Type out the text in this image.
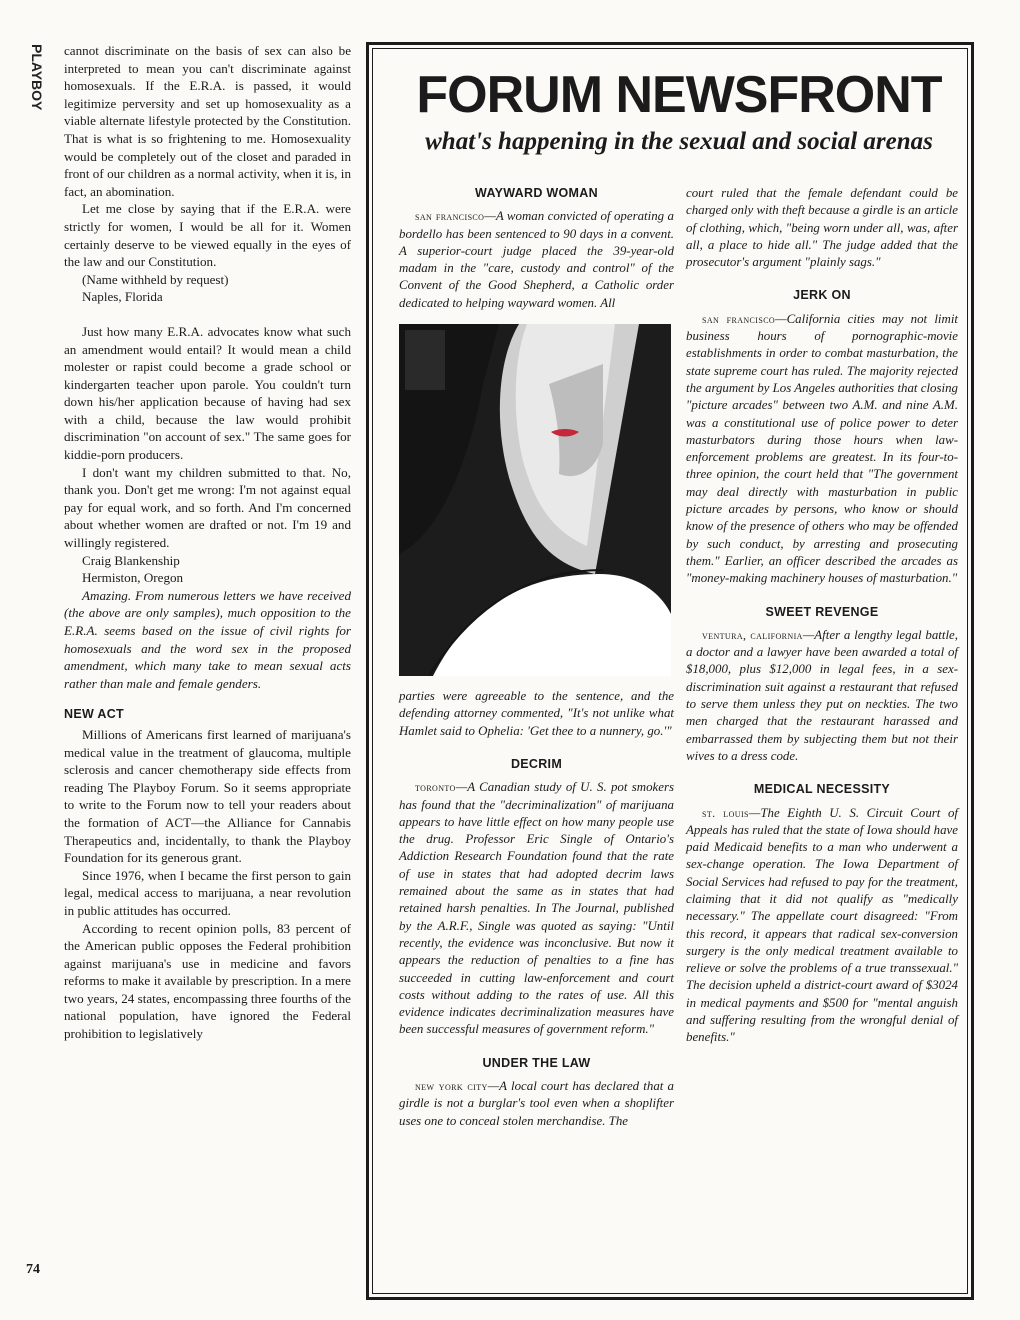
PLAYBOY
74

cannot discriminate on the basis of sex can also be interpreted to mean you can't discriminate against homosexuals. If the E.R.A. is passed, it would legitimize perversity and set up homosexuality as a viable alternate lifestyle protected by the Constitution. That is what is so frightening to me. Homosexuality would be completely out of the closet and paraded in front of our children as a normal activity, when it is, in fact, an abomination.

Let me close by saying that if the E.R.A. were strictly for women, I would be all for it. Women certainly deserve to be viewed equally in the eyes of the law and our Constitution.

(Name withheld by request)

Naples, Florida

Just how many E.R.A. advocates know what such an amendment would entail? It would mean a child molester or rapist could become a grade school or kindergarten teacher upon parole. You couldn't turn down his/her application because of having had sex with a child, because the law would prohibit discrimination "on account of sex." The same goes for kiddie-porn producers.

I don't want my children submitted to that. No, thank you. Don't get me wrong: I'm not against equal pay for equal work, and so forth. And I'm concerned about whether women are drafted or not. I'm 19 and willingly registered.

Craig Blankenship

Hermiston, Oregon

Amazing. From numerous letters we have received (the above are only samples), much opposition to the E.R.A. seems based on the issue of civil rights for homosexuals and the word sex in the proposed amendment, which many take to mean sexual acts rather than male and female genders.

NEW ACT

Millions of Americans first learned of marijuana's medical value in the treatment of glaucoma, multiple sclerosis and cancer chemotherapy side effects from reading The Playboy Forum. So it seems appropriate to write to the Forum now to tell your readers about the formation of ACT—the Alliance for Cannabis Therapeutics and, incidentally, to thank the Playboy Foundation for its generous grant.

Since 1976, when I became the first person to gain legal, medical access to marijuana, a near revolution in public attitudes has occurred.

According to recent opinion polls, 83 percent of the American public opposes the Federal prohibition against marijuana's use in medicine and favors reforms to make it available by prescription. In a mere two years, 24 states, encompassing three fourths of the national population, have ignored the Federal prohibition to legislatively

FORUM NEWSFRONT
what's happening in the sexual and social arenas
WAYWARD WOMAN

san francisco—A woman convicted of operating a bordello has been sentenced to 90 days in a convent. A superior-court judge placed the 39-year-old madam in the "care, custody and control" of the Convent of the Good Shepherd, a Catholic order dedicated to helping wayward women. All

parties were agreeable to the sentence, and the defending attorney commented, "It's not unlike what Hamlet said to Ophelia: 'Get thee to a nunnery, go.'"

DECRIM

toronto—A Canadian study of U. S. pot smokers has found that the "decriminalization" of marijuana appears to have little effect on how many people use the drug. Professor Eric Single of Ontario's Addiction Research Foundation found that the rate of use in states that had adopted decrim laws remained about the same as in states that had retained harsh penalties. In The Journal, published by the A.R.F., Single was quoted as saying: "Until recently, the evidence was inconclusive. But now it appears the reduction of penalties to a fine has succeeded in cutting law-enforcement and court costs without adding to the rates of use. All this evidence indicates decriminalization measures have been successful measures of government reform."

UNDER THE LAW

new york city—A local court has declared that a girdle is not a burglar's tool even when a shoplifter uses one to conceal stolen merchandise. The

court ruled that the female defendant could be charged only with theft because a girdle is an article of clothing, which, "being worn under all, was, after all, a place to hide all." The judge added that the prosecutor's argument "plainly sags."

JERK ON

san francisco—California cities may not limit business hours of pornographic-movie establishments in order to combat masturbation, the state supreme court has ruled. The majority rejected the argument by Los Angeles authorities that closing "picture arcades" between two A.M. and nine A.M. was a constitutional use of police power to deter masturbators during those hours when law-enforcement problems are greatest. In its four-to-three opinion, the court held that "The government may deal directly with masturbation in public picture arcades by persons, who know or should know of the presence of others who may be offended by such conduct, by arresting and prosecuting them." Earlier, an officer described the arcades as "money-making machinery houses of masturbation."

SWEET REVENGE

ventura, california—After a lengthy legal battle, a doctor and a lawyer have been awarded a total of $18,000, plus $12,000 in legal fees, in a sex-discrimination suit against a restaurant that refused to serve them unless they put on neckties. The two men charged that the restaurant harassed and embarrassed them by subjecting them but not their wives to a dress code.

MEDICAL NECESSITY

st. louis—The Eighth U. S. Circuit Court of Appeals has ruled that the state of Iowa should have paid Medicaid benefits to a man who underwent a sex-change operation. The Iowa Department of Social Services had refused to pay for the treatment, claiming that it did not qualify as "medically necessary." The appellate court disagreed: "From this record, it appears that radical sex-conversion surgery is the only medical treatment available to relieve or solve the problems of a true transsexual." The decision upheld a district-court award of $3024 in medical payments and $500 for "mental anguish and suffering resulting from the wrongful denial of benefits."
